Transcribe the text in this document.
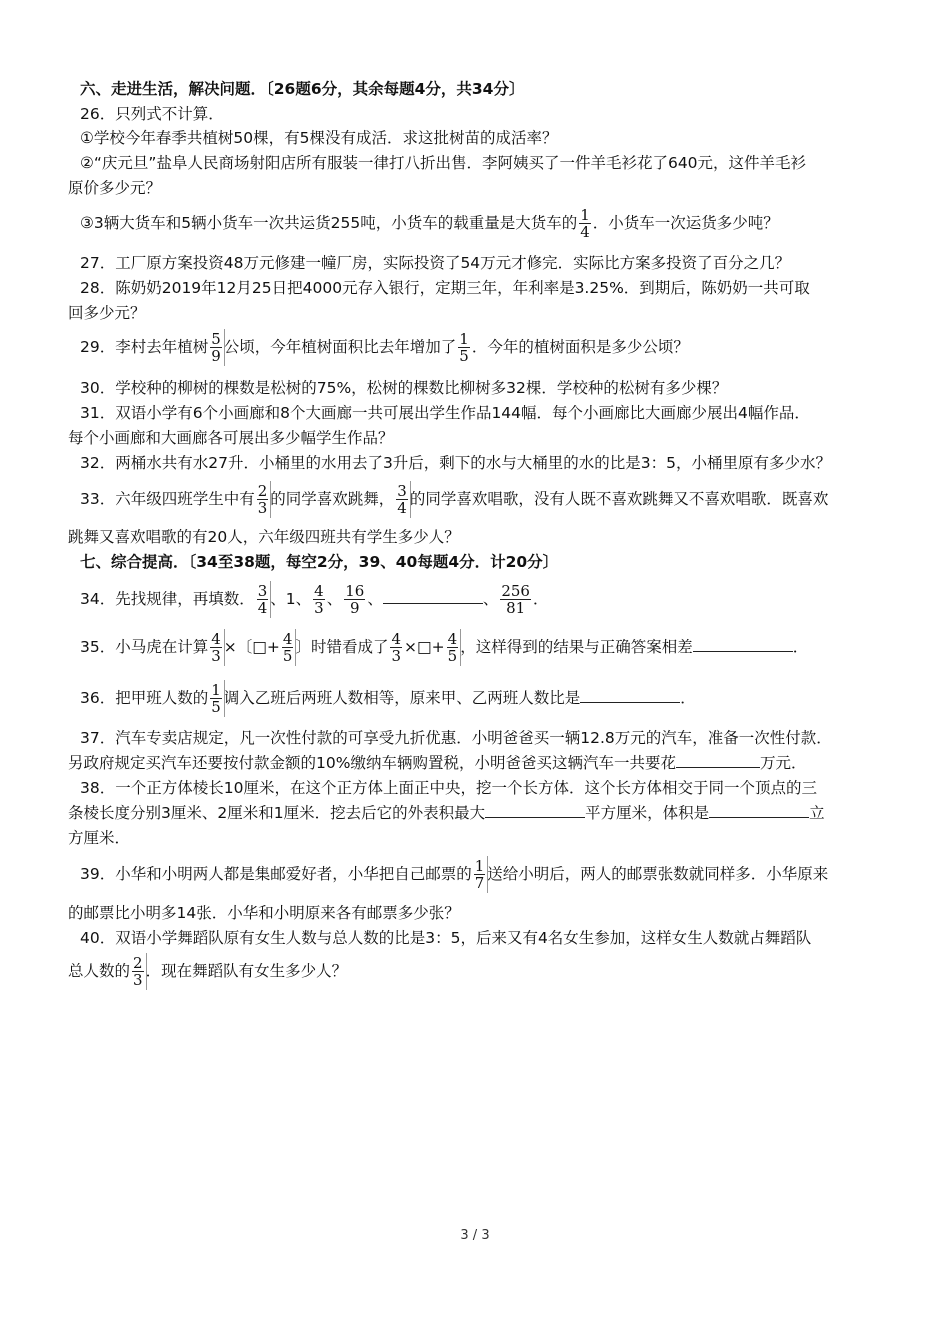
六、走进生活，解决问题．〔26题6分，其余每题4分，共34分〕
26．只列式不计算．
①学校今年春季共植树50棵，有5棵没有成活．求这批树苗的成活率？
②“庆元旦”盐阜人民商场射阳店所有服装一律打八折出售．李阿姨买了一件羊毛衫花了640元，这件羊毛衫
原价多少元？
③3辆大货车和5辆小货车一次共运货255吨，小货车的载重量是大货车的 $\frac{1}{4}$ ．小货车一次运货多少吨？
27．工厂原方案投资48万元修建一幢厂房，实际投资了54万元才修完．实际比方案多投资了百分之几？
28．陈奶奶2019年12月25日把4000元存入银行，定期三年，年利率是3.25%．到期后，陈奶奶一共可取
回多少元？
29．李村去年植树 $\frac{5}{9}$ 公顷，今年植树面积比去年增加了 $\frac{1}{5}$ ．今年的植树面积是多少公顷？
30．学校种的柳树的棵数是松树的75%，松树的棵数比柳树多32棵．学校种的松树有多少棵？
31．双语小学有6个小画廊和8个大画廊一共可展出学生作品144幅．每个小画廊比大画廊少展出4幅作品．
每个小画廊和大画廊各可展出多少幅学生作品？
32．两桶水共有水27升．小桶里的水用去了3升后，剩下的水与大桶里的水的比是3：5，小桶里原有多少水？
33．六年级四班学生中有 $\frac{2}{3}$ 的同学喜欢跳舞， $\frac{3}{4}$ 的同学喜欢唱歌，没有人既不喜欢跳舞又不喜欢唱歌．既喜欢
跳舞又喜欢唱歌的有20人，六年级四班共有学生多少人？
七、综合提高．〔34至38题，每空2分，39、40每题4分．计20分〕
34．先找规律，再填数． $\frac{3}{4}$ 、1、 $\frac{4}{3}$ 、 $\frac{16}{9}$ 、	、 $\frac{256}{81}$ ．
35．小马虎在计算 $\frac{4}{3}$ ×〔□+ $\frac{4}{5}$ 〕时错看成了 $\frac{4}{3}$ ×□+ $\frac{4}{5}$ ，这样得到的结果与正确答案相差	．
36．把甲班人数的 $\frac{1}{5}$ 调入乙班后两班人数相等，原来甲、乙两班人数比是	．
37．汽车专卖店规定，凡一次性付款的可享受九折优惠．小明爸爸买一辆12.8万元的汽车，准备一次性付款．
另政府规定买汽车还要按付款金额的10%缴纳车辆购置税，小明爸爸买这辆汽车一共要花	万元．
38．一个正方体棱长10厘米，在这个正方体上面正中央，挖一个长方体．这个长方体相交于同一个顶点的三
条棱长度分别3厘米、2厘米和1厘米．挖去后它的外表积最大	平方厘米，体积是	立
方厘米．
39．小华和小明两人都是集邮爱好者，小华把自己邮票的 $\frac{1}{7}$ 送给小明后，两人的邮票张数就同样多．小华原来
的邮票比小明多14张．小华和小明原来各有邮票多少张？
40．双语小学舞蹈队原有女生人数与总人数的比是3：5，后来又有4名女生参加，这样女生人数就占舞蹈队
总人数的 $\frac{2}{3}$ ．现在舞蹈队有女生多少人？
3 / 3
